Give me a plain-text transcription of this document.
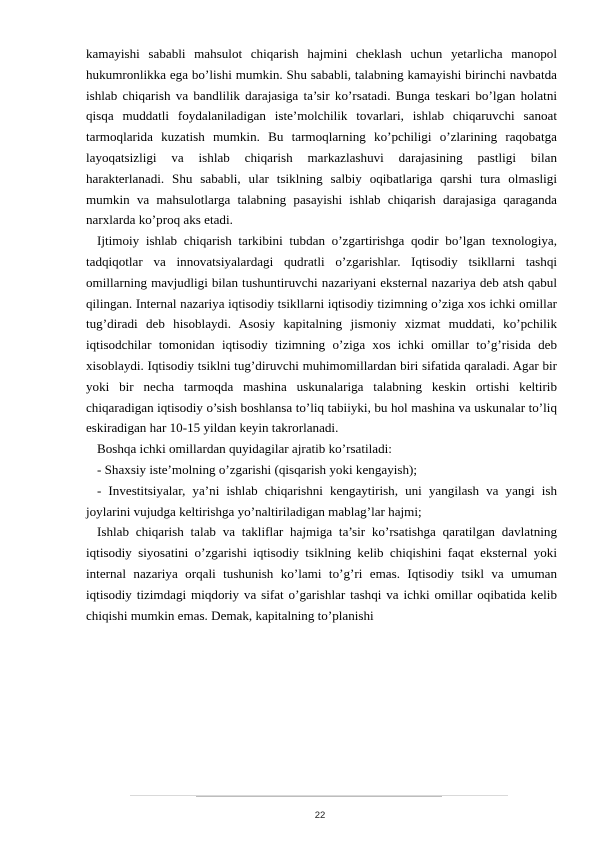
kamayishi sababli mahsulot chiqarish hajmini cheklash uchun yetarlicha manopol hukumronlikka ega bo’lishi mumkin. Shu sababli, talabning kamayishi birinchi navbatda ishlab chiqarish va bandlilik darajasiga ta’sir ko’rsatadi. Bunga teskari bo’lgan holatni qisqa muddatli foydalaniladigan iste’molchilik tovarlari, ishlab chiqaruvchi sanoat tarmoqlarida kuzatish mumkin. Bu tarmoqlarning ko’pchiligi o’zlarining raqobatga layoqatsizligi va ishlab chiqarish markazlashuvi darajasining pastligi bilan harakterlanadi. Shu sababli, ular tsiklning salbiy oqibatlariga qarshi tura olmasligi mumkin va mahsulotlarga talabning pasayishi ishlab chiqarish darajasiga qaraganda narxlarda ko’proq aks etadi.

Ijtimoiy ishlab chiqarish tarkibini tubdan o’zgartirishga qodir bo’lgan texnologiya, tadqiqotlar va innovatsiyalardagi qudratli o’zgarishlar. Iqtisodiy tsikllarni tashqi omillarning mavjudligi bilan tushuntiruvchi nazariyani eksternal nazariya deb atsh qabul qilingan. Internal nazariya iqtisodiy tsikllarni iqtisodiy tizimning o’ziga xos ichki omillar tug’diradi deb hisoblaydi. Asosiy kapitalning jismoniy xizmat muddati, ko’pchilik iqtisodchilar tomonidan iqtisodiy tizimning o’ziga xos ichki omillar to’g’risida deb xisoblaydi. Iqtisodiy tsiklni tug’diruvchi muhimomillardan biri sifatida qaraladi. Agar bir yoki bir necha tarmoqda mashina uskunalariga talabning keskin ortishi keltirib chiqaradigan iqtisodiy o’sish boshlansa to’liq tabiiyki, bu hol mashina va uskunalar to’liq eskiradigan har 10-15 yildan keyin takrorlanadi.

Boshqa ichki omillardan quyidagilar ajratib ko’rsatiladi:

- Shaxsiy iste’molning o’zgarishi (qisqarish yoki kengayish);

- Investitsiyalar, ya’ni ishlab chiqarishni kengaytirish, uni yangilash va yangi ish joylarini vujudga keltirishga yo’naltiriladigan mablag’lar hajmi;

Ishlab chiqarish talab va takliflar hajmiga ta’sir ko’rsatishga qaratilgan davlatning iqtisodiy siyosatini o’zgarishi iqtisodiy tsiklning kelib chiqishini faqat eksternal yoki internal nazariya orqali tushunish ko’lami to’g’ri emas. Iqtisodiy tsikl va umuman iqtisodiy tizimdagi miqdoriy va sifat o’garishlar tashqi va ichki omillar oqibatida kelib chiqishi mumkin emas. Demak, kapitalning to’planishi

22
